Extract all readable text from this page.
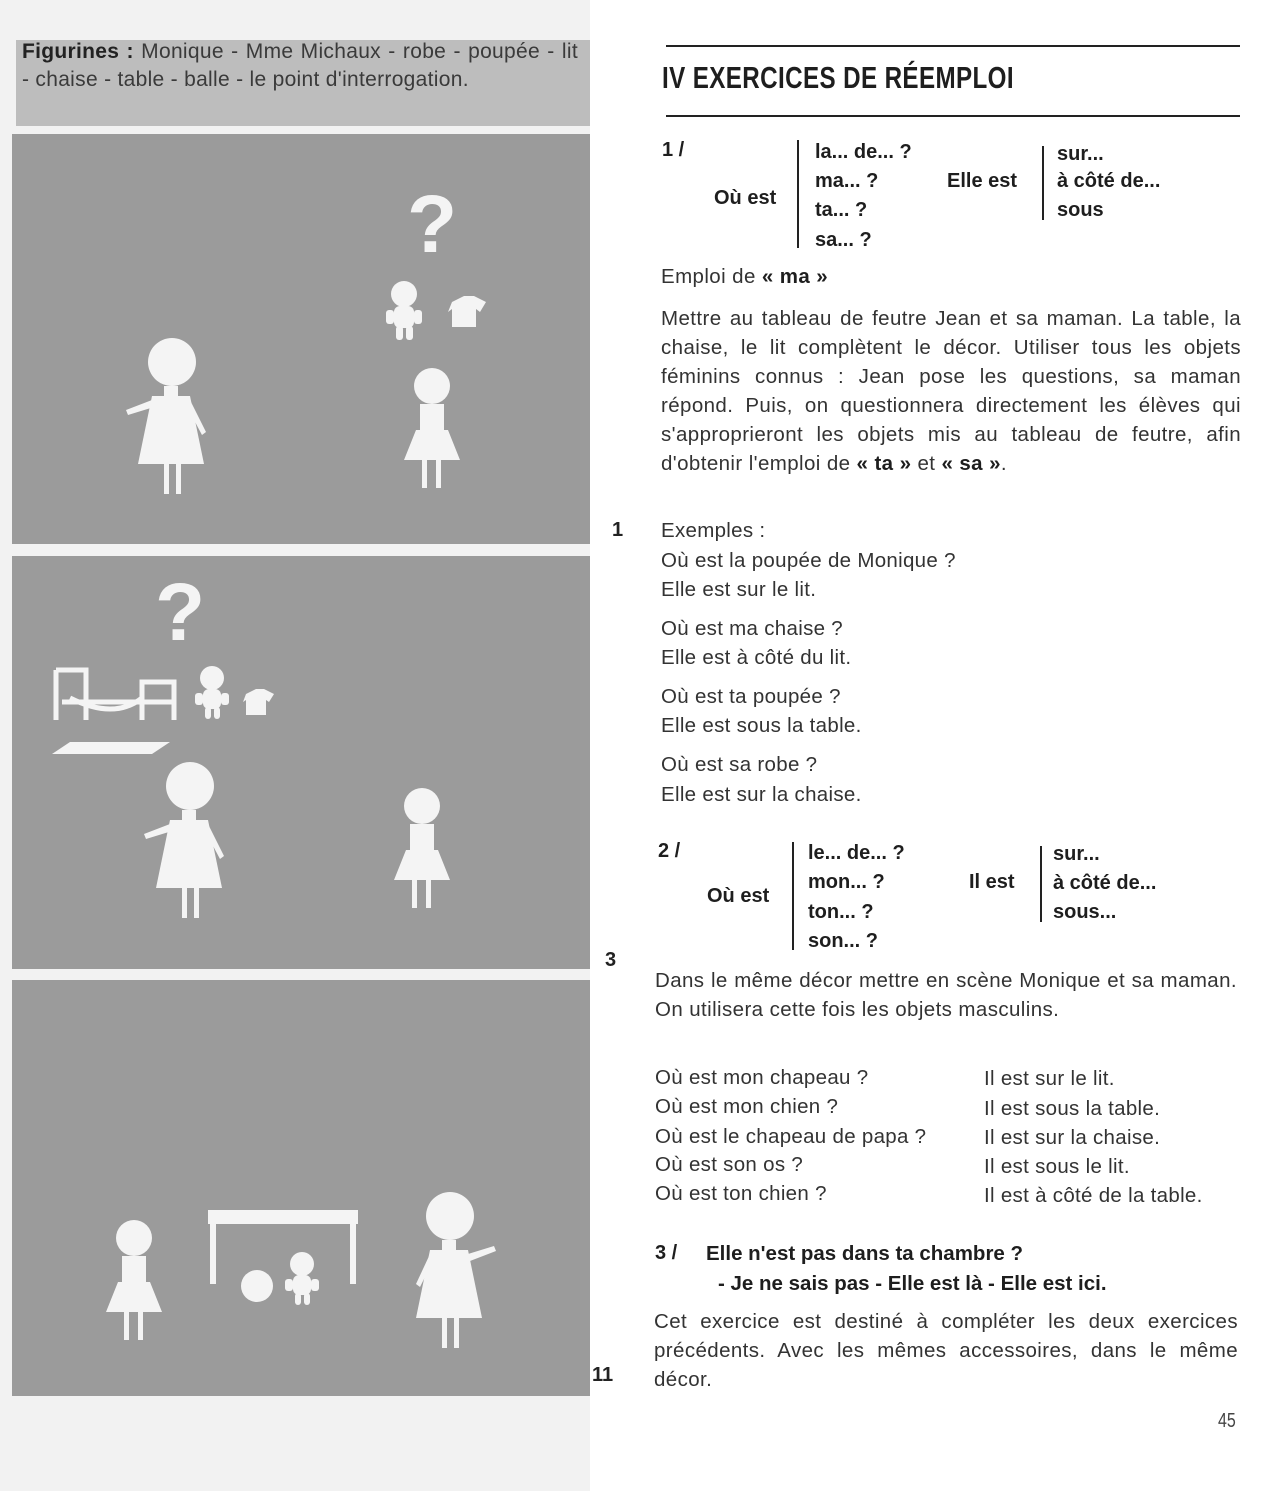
Figurines : Monique - Mme Michaux - robe - poupée - lit - chaise - table - balle - le point d'interrogation.
?
?
1
3
11
IV EXERCICES DE RÉEMPLOI
1 /
Où est
la... de... ?
ma... ?
ta... ?
sa... ?
Elle est
sur...
à côté de...
sous
Emploi de « ma »
Mettre au tableau de feutre Jean et sa maman. La table, la chaise, le lit complètent le décor. Utiliser tous les objets féminins connus : Jean pose les questions, sa maman répond. Puis, on questionnera directement les élèves qui s'approprieront les objets mis au tableau de feutre, afin d'obtenir l'emploi de « ta » et « sa ».
Exemples :
Où est la poupée de Monique ?
Elle est sur le lit.
Où est ma chaise ?
Elle est à côté du lit.
Où est ta poupée ?
Elle est sous la table.
Où est sa robe ?
Elle est sur la chaise.
2 /
Où est
le... de... ?
mon... ?
ton... ?
son... ?
Il est
sur...
à côté de...
sous...
Dans le même décor mettre en scène Monique et sa maman. On utilisera cette fois les objets masculins.
Où est mon chapeau ?	Il est sur le lit.
Où est mon chien ?	Il est sous la table.
Où est le chapeau de papa ?	Il est sur la chaise.
Où est son os ?	Il est sous le lit.
Où est ton chien ?	Il est à côté de la table.
3 / Elle n'est pas dans ta chambre ?
- Je ne sais pas - Elle est là - Elle est ici.
Cet exercice est destiné à compléter les deux exercices précédents. Avec les mêmes accessoires, dans le même décor.
45
